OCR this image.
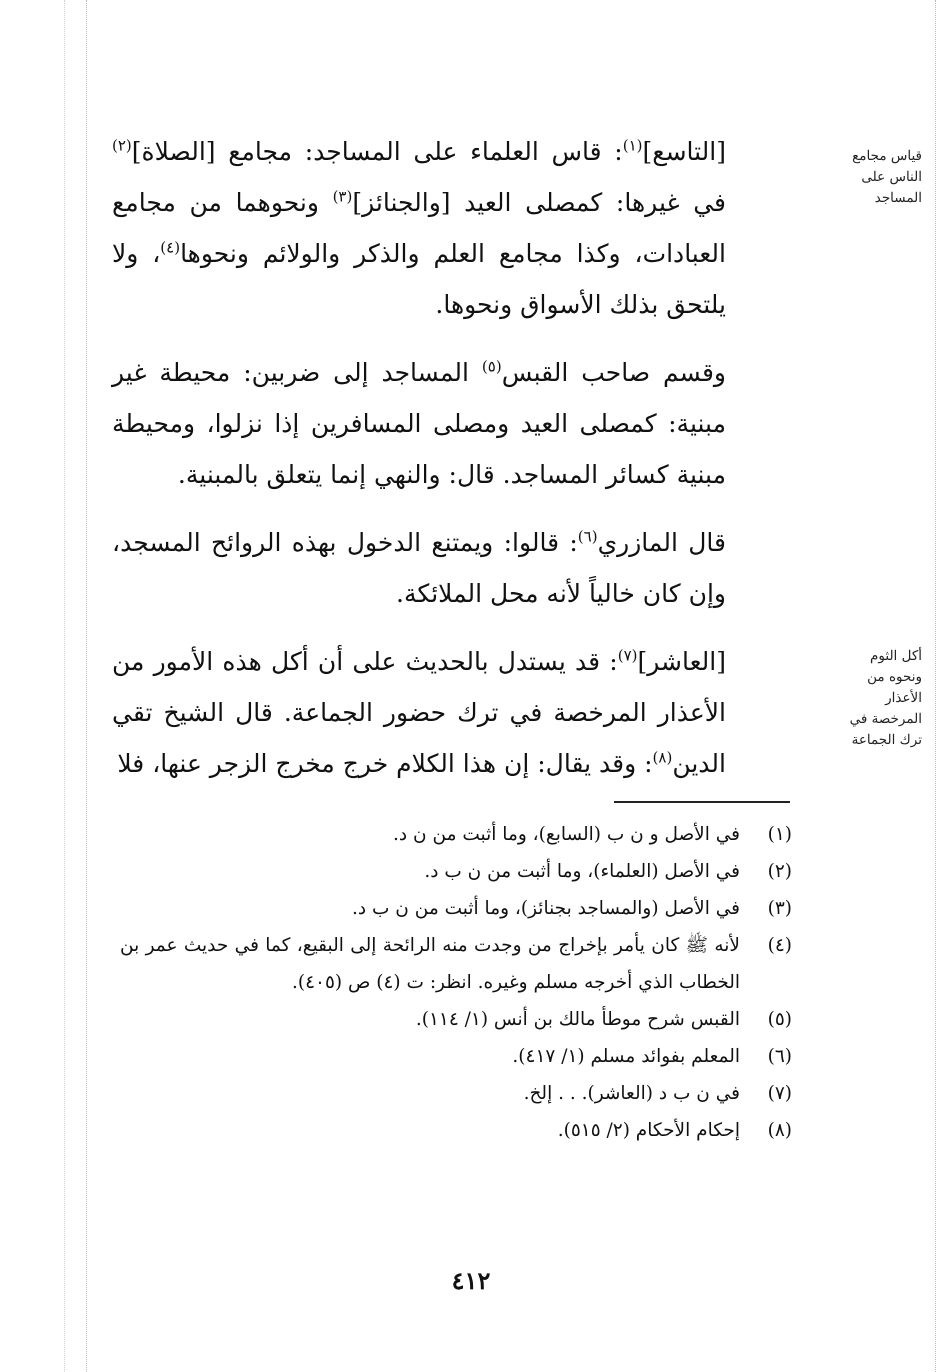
قياس مجامع الناس على المساجد
أكل الثوم ونحوه من الأعذار المرخصة في ترك الجماعة

[التاسع]$^{(١)}$: قاس العلماء على المساجد: مجامع [الصلاة]$^{(٢)}$ في غيرها: كمصلى العيد [والجنائز]$^{(٣)}$ ونحوهما من مجامع العبادات، وكذا مجامع العلم والذكر والولائم ونحوها$^{(٤)}$، ولا يلتحق بذلك الأسواق ونحوها.

وقسم صاحب القبس$^{(٥)}$ المساجد إلى ضربين: محيطة غير مبنية: كمصلى العيد ومصلى المسافرين إذا نزلوا، ومحيطة مبنية كسائر المساجد. قال: والنهي إنما يتعلق بالمبنية.

قال المازري$^{(٦)}$: قالوا: ويمتنع الدخول بهذه الروائح المسجد، وإن كان خالياً لأنه محل الملائكة.

[العاشر]$^{(٧)}$: قد يستدل بالحديث على أن أكل هذه الأمور من الأعذار المرخصة في ترك حضور الجماعة. قال الشيخ تقي الدين$^{(٨)}$: وقد يقال: إن هذا الكلام خرج مخرج الزجر عنها، فلا

(١)
في الأصل و ن ب (السابع)، وما أثبت من ن د.
(٢)
في الأصل (العلماء)، وما أثبت من ن ب د.
(٣)
في الأصل (والمساجد بجنائز)، وما أثبت من ن ب د.
(٤)
لأنه ﷺ كان يأمر بإخراج من وجدت منه الرائحة إلى البقيع، كما في حديث عمر بن الخطاب الذي أخرجه مسلم وغيره. انظر: ت (٤) ص (٤٠٥).
(٥)
القبس شرح موطأ مالك بن أنس (١/ ١١٤).
(٦)
المعلم بفوائد مسلم (١/ ٤١٧).
(٧)
في ن ب د (العاشر). . . إلخ.
(٨)
إحكام الأحكام (٢/ ٥١٥).
٤١٢
